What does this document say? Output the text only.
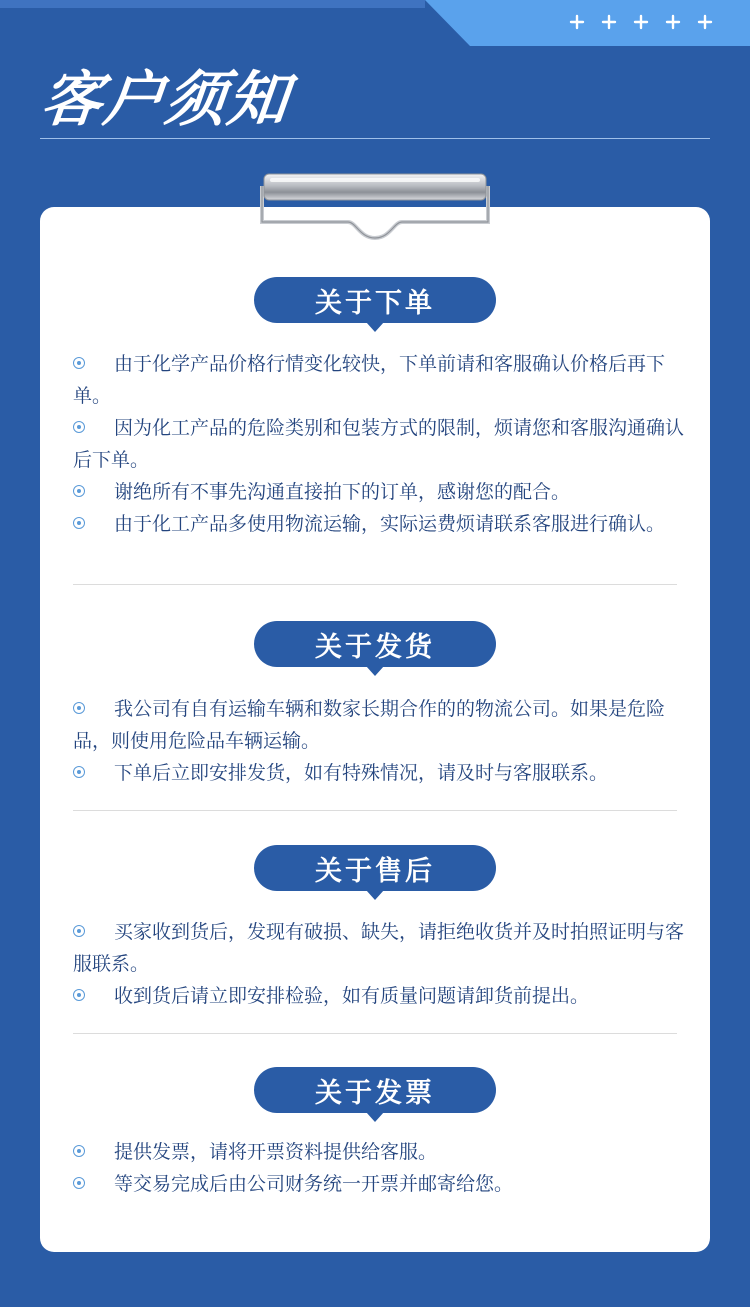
客户须知
关于下单
由于化学产品价格行情变化较快，下单前请和客服确认价格后再下单。
因为化工产品的危险类别和包装方式的限制，烦请您和客服沟通确认后下单。
谢绝所有不事先沟通直接拍下的订单，感谢您的配合。
由于化工产品多使用物流运输，实际运费烦请联系客服进行确认。
关于发货
我公司有自有运输车辆和数家长期合作的的物流公司。如果是危险品，则使用危险品车辆运输。
下单后立即安排发货，如有特殊情况，请及时与客服联系。
关于售后
买家收到货后，发现有破损、缺失，请拒绝收货并及时拍照证明与客服联系。
收到货后请立即安排检验，如有质量问题请卸货前提出。
关于发票
提供发票，请将开票资料提供给客服。
等交易完成后由公司财务统一开票并邮寄给您。
